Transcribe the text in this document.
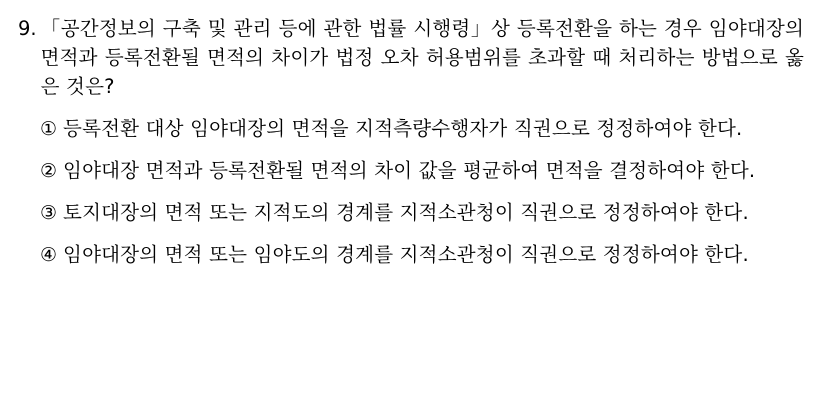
9. 「공간정보의 구축 및 관리 등에 관한 법률 시행령」상 등록전환을 하는 경우 임야대장의 면적과 등록전환될 면적의 차이가 법정 오차 허용범위를 초과할 때 처리하는 방법으로 옳은 것은?
① 등록전환 대상 임야대장의 면적을 지적측량수행자가 직권으로 정정하여야 한다.
② 임야대장 면적과 등록전환될 면적의 차이 값을 평균하여 면적을 결정하여야 한다.
③ 토지대장의 면적 또는 지적도의 경계를 지적소관청이 직권으로 정정하여야 한다.
④ 임야대장의 면적 또는 임야도의 경계를 지적소관청이 직권으로 정정하여야 한다.
